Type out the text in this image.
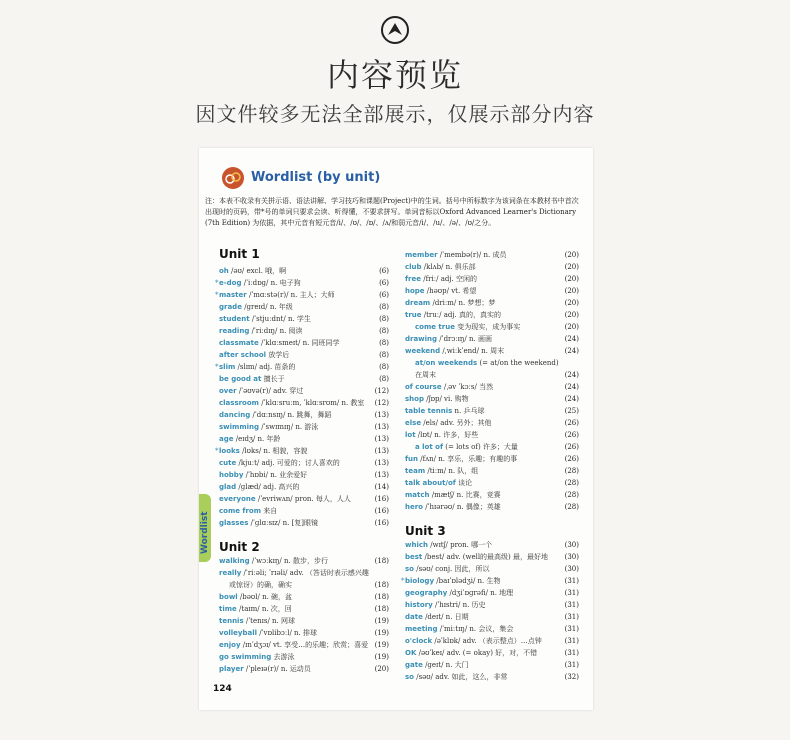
内容预览
因文件较多无法全部展示，仅展示部分内容
Wordlist (by unit)
注：本表不收录有关拼示语、语法讲解、学习技巧和课题(Project)中的生词。括号中所标数字为该词条在本教材书中首次出现时的页码，带*号的单词只要求会读、听得懂，不要求拼写。单词音标以Oxford Advanced Learner's Dictionary (7th Edition) 为依据，其中元音有短元音/i/、/ʊ/、/ɒ/、/ʌ/和弱元音/i/、/u/、/ə/、/ʊ/之分。
Unit 1
oh /əʊ/ excl. 哦，啊	(6)
* e-dog /ˈiːdɒɡ/ n. 电子狗	(6)
* master /ˈmɑːstə(r)/ n. 主人；大师	(6)
grade /ɡreɪd/ n. 年级	(8)
student /ˈstjuːdnt/ n. 学生	(8)
reading /ˈriːdɪŋ/ n. 阅读	(8)
classmate /ˈklɑːsmeɪt/ n. 同班同学	(8)
after school 放学后	(8)
* slim /slɪm/ adj. 苗条的	(8)
be good at 擅长于	(8)
over /ˈəʊvə(r)/ adv. 穿过	(12)
classroom /ˈklɑːsruːm, ˈklɑːsrʊm/ n. 教室 (12)
dancing /ˈdɑːnsɪŋ/ n. 跳舞，舞蹈	(13)
swimming /ˈswɪmɪŋ/ n. 游泳	(13)
age /eɪdʒ/ n. 年龄	(13)
* looks /lʊks/ n. 相貌，容貌	(13)
cute /kjuːt/ adj. 可爱的；讨人喜欢的	(13)
hobby /ˈhɒbi/ n. 业余爱好	(13)
glad /ɡlæd/ adj. 高兴的	(14)
everyone /ˈevriwʌn/ pron. 每人，人人	(16)
come from 来自	(16)
glasses /ˈɡlɑːsɪz/ n. [复]眼镜	(16)
Unit 2
walking /ˈwɔːkɪŋ/ n. 散步，步行	(18)
really /ˈriːəli; ˈrɪəli/ adv. （答话时表示感兴趣
或惊讶）的确，确实	(18)
bowl /bəʊl/ n. 碗，盆	(18)
time /taɪm/ n. 次，回	(18)
tennis /ˈtenɪs/ n. 网球	(19)
volleyball /ˈvɒlibɔːl/ n. 排球	(19)
enjoy /ɪnˈdʒɔɪ/ vt. 享受…的乐趣；欣赏；喜爱 (19)
go swimming 去游泳	(19)
player /ˈpleɪə(r)/ n. 运动员	(20)
member /ˈmembə(r)/ n. 成员	(20)
club /klʌb/ n. 俱乐部	(20)
free /friː/ adj. 空闲的	(20)
hope /həʊp/ vt. 希望	(20)
dream /driːm/ n. 梦想；梦	(20)
true /truː/ adj. 真的，真实的	(20)
come true 变为现实，成为事实	(20)
drawing /ˈdrɔːɪŋ/ n. 画画	(24)
weekend /ˌwiːkˈend/ n. 周末	(24)
at/on weekends (= at/on the weekend)
在周末	(24)
of course /ˌəv ˈkɔːs/ 当然	(24)
shop /ʃɒp/ vi. 购物	(24)
table tennis n. 乒乓球	(25)
else /els/ adv. 另外；其他	(26)
lot /lɒt/ n. 许多，好些	(26)
a lot of (= lots of) 许多；大量	(26)
fun /fʌn/ n. 享乐，乐趣；有趣的事	(26)
team /tiːm/ n. 队，组	(28)
talk about/of 谈论	(28)
match /mætʃ/ n. 比赛，竞赛	(28)
hero /ˈhɪərəʊ/ n. 偶像；英雄	(28)
Unit 3
which /wɪtʃ/ pron. 哪一个	(30)
best /best/ adv. (well的最高级) 最，最好地 (30)
so /səʊ/ conj. 因此，所以	(30)
* biology /baɪˈɒlədʒi/ n. 生物	(31)
geography /dʒiˈɒɡrəfi/ n. 地理	(31)
history /ˈhɪstri/ n. 历史	(31)
date /deɪt/ n. 日期	(31)
meeting /ˈmiːtɪŋ/ n. 会议，集会	(31)
o'clock /əˈklɒk/ adv. （表示整点）…点钟	(31)
OK /əʊˈkeɪ/ adv. (= okay) 好，对，不错	(31)
gate /ɡeɪt/ n. 大门	(31)
so /səʊ/ adv. 如此，这么，非常	(32)
Wordlist
124
